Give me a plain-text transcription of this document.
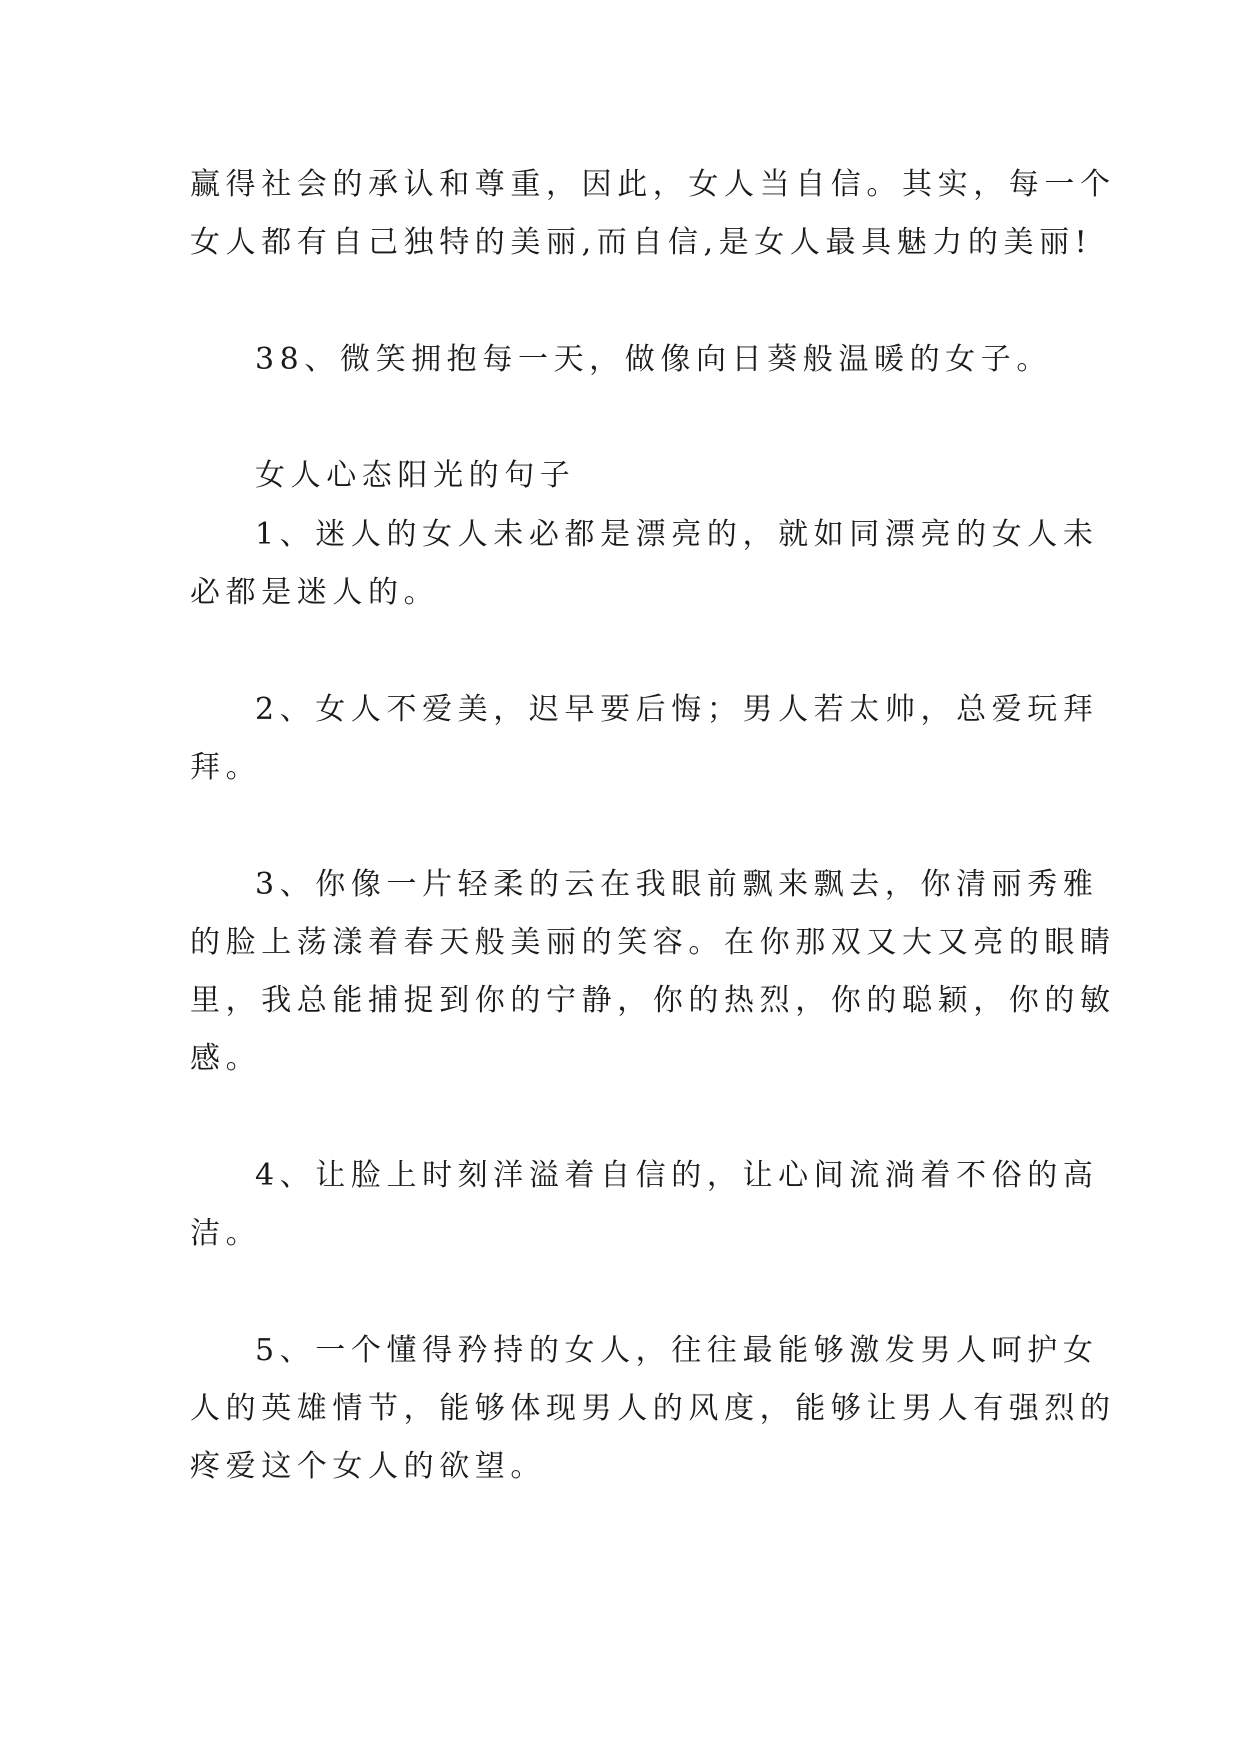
赢得社会的承认和尊重，因此，女人当自信。其实，每一个
女人都有自己独特的美丽,而自信,是女人最具魅力的美丽!
38、微笑拥抱每一天，做像向日葵般温暖的女子。
女人心态阳光的句子
1、迷人的女人未必都是漂亮的，就如同漂亮的女人未
必都是迷人的。
2、女人不爱美，迟早要后悔；男人若太帅，总爱玩拜
拜。
3、你像一片轻柔的云在我眼前飘来飘去，你清丽秀雅
的脸上荡漾着春天般美丽的笑容。在你那双又大又亮的眼睛
里，我总能捕捉到你的宁静，你的热烈，你的聪颖，你的敏
感。
4、让脸上时刻洋溢着自信的，让心间流淌着不俗的高
洁。
5、一个懂得矜持的女人，往往最能够激发男人呵护女
人的英雄情节，能够体现男人的风度，能够让男人有强烈的
疼爱这个女人的欲望。
